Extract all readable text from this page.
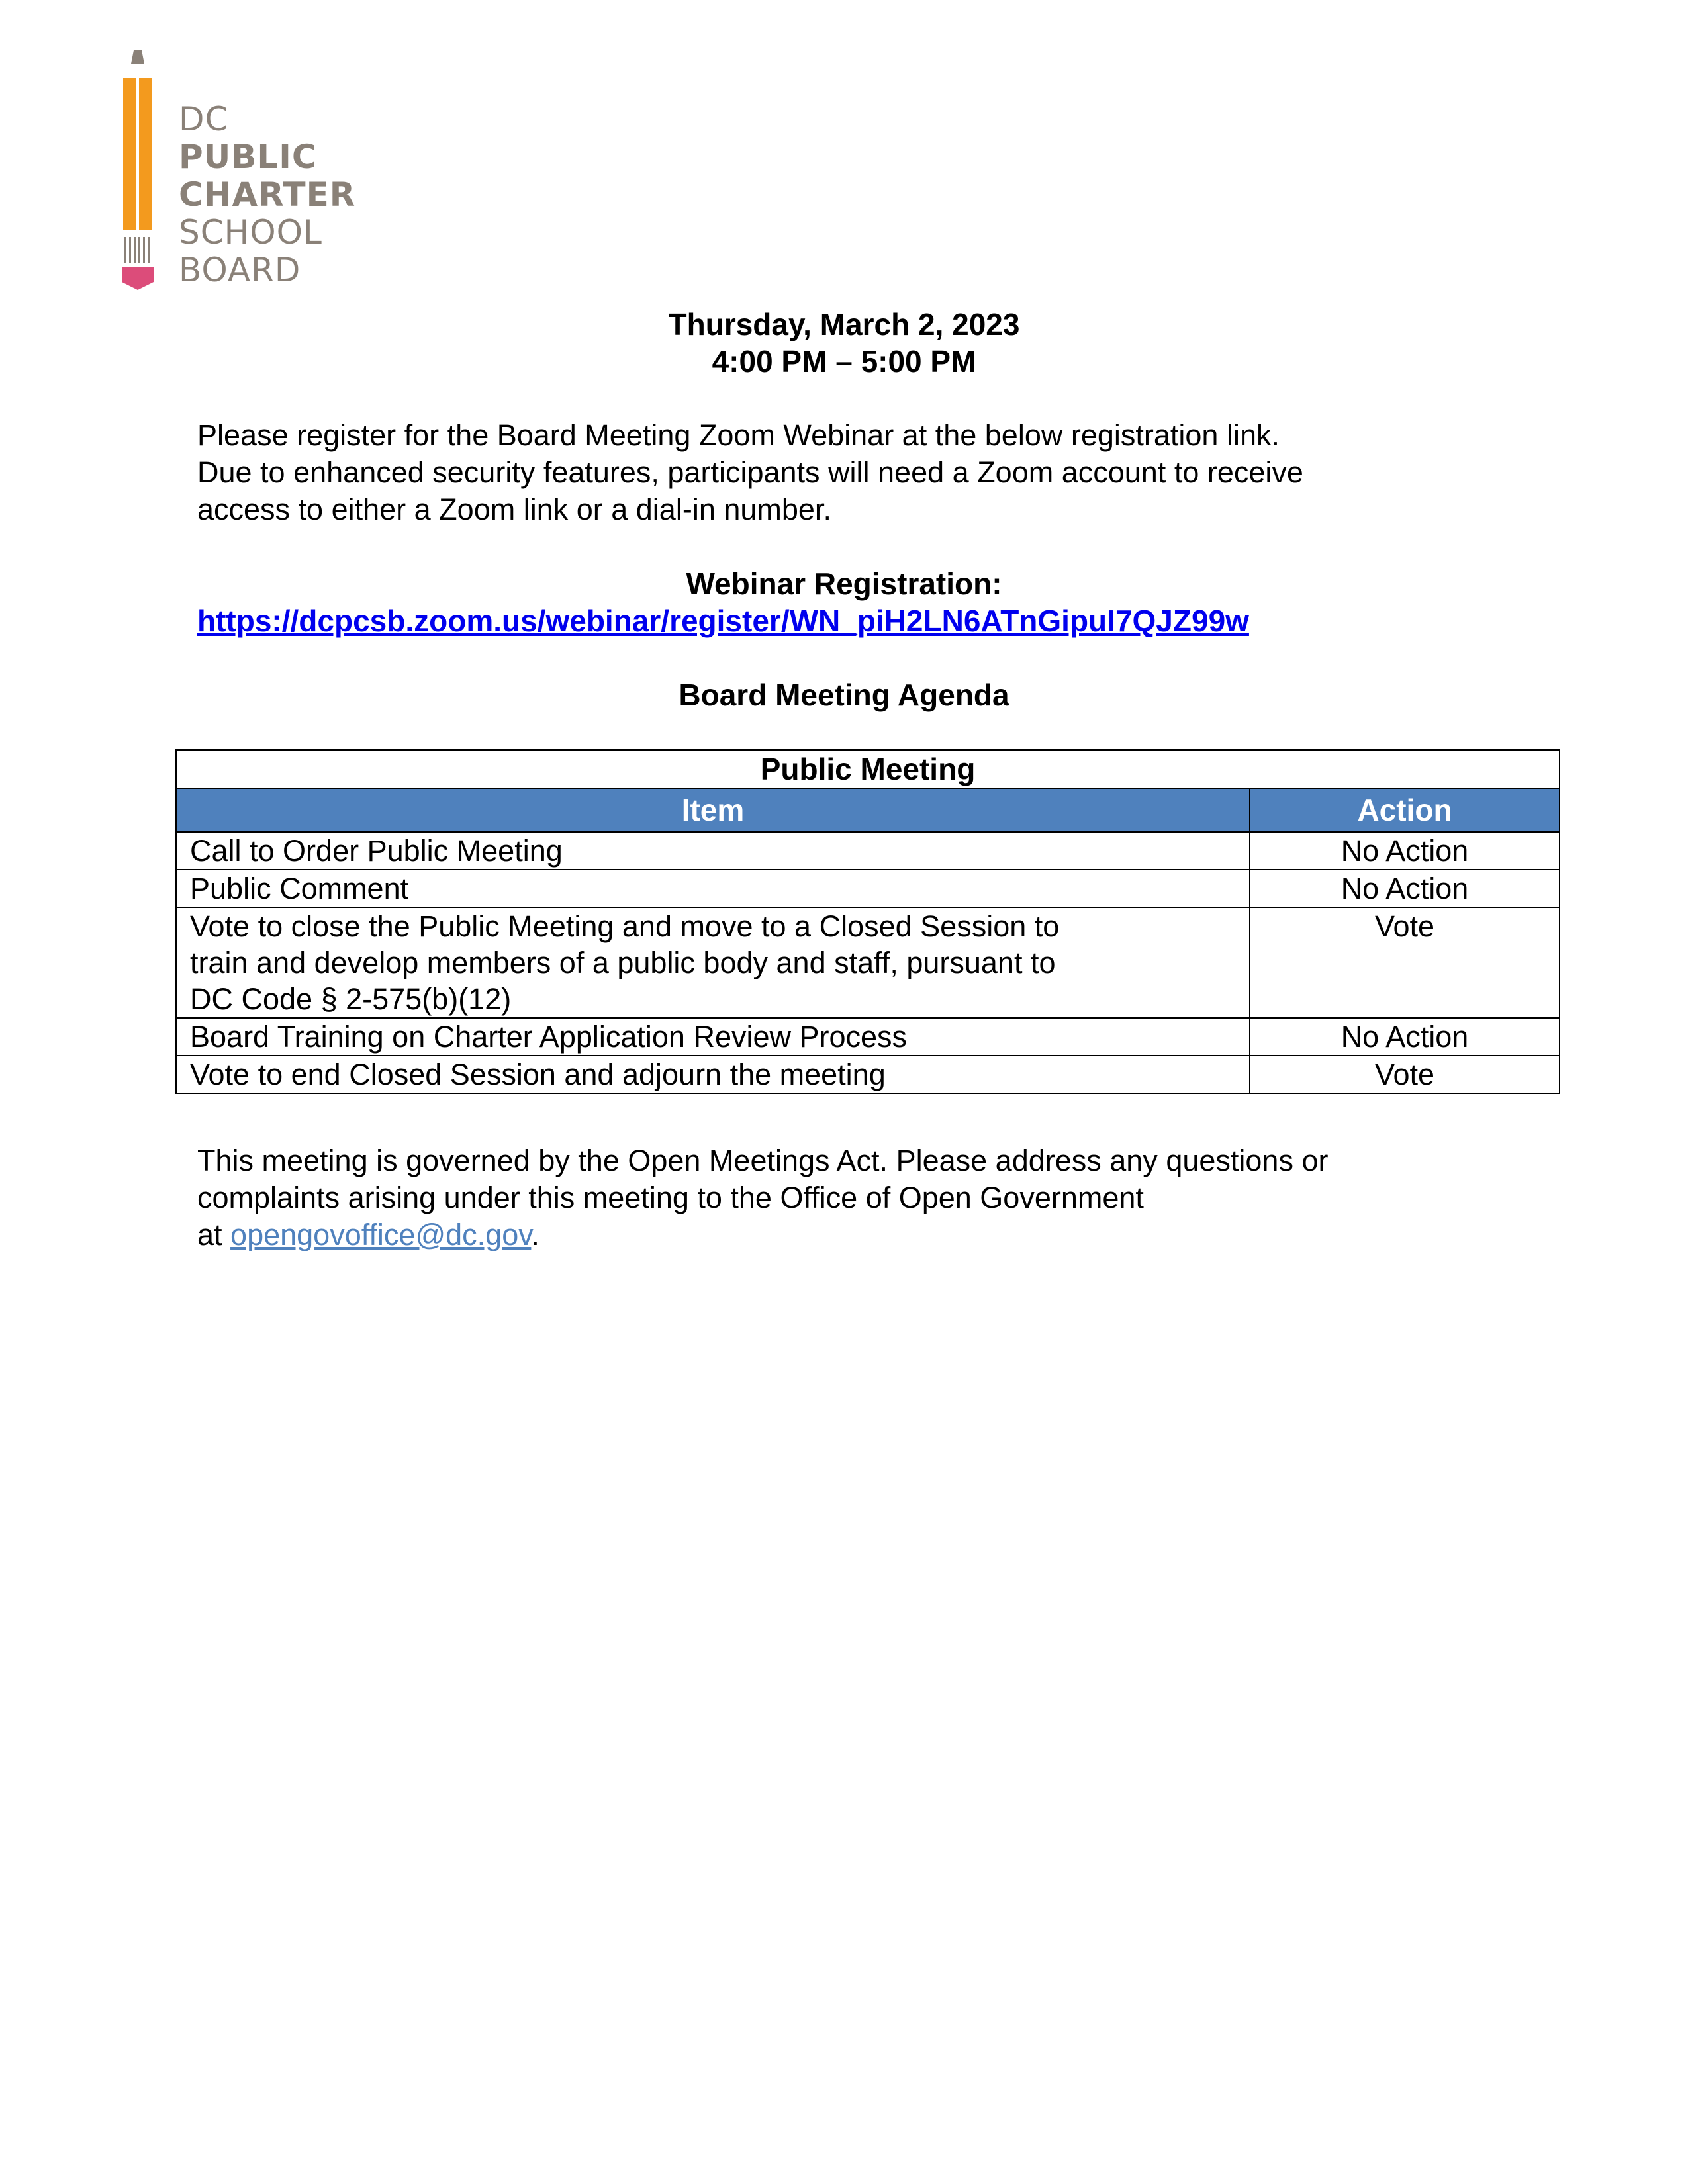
DC
PUBLIC
CHARTER
SCHOOL
BOARD
Thursday, March 2, 2023
4:00 PM – 5:00 PM
Please register for the Board Meeting Zoom Webinar at the below registration link.
Due to enhanced security features, participants will need a Zoom account to receive
access to either a Zoom link or a dial-in number.
Webinar Registration:
https://dcpcsb.zoom.us/webinar/register/WN_piH2LN6ATnGipuI7QJZ99w
Board Meeting Agenda
Public Meeting	
Item	Action

Call to Order Public Meeting	No Action

Public Comment	No Action

Vote to close the Public Meeting and move to a Closed Session to
train and develop members of a public body and staff, pursuant to
DC Code § 2-575(b)(12)	Vote

Board Training on Charter Application Review Process	No Action

Vote to end Closed Session and adjourn the meeting	Vote
This meeting is governed by the Open Meetings Act. Please address any questions or
complaints arising under this meeting to the Office of Open Government
at opengovoffice@dc.gov.
